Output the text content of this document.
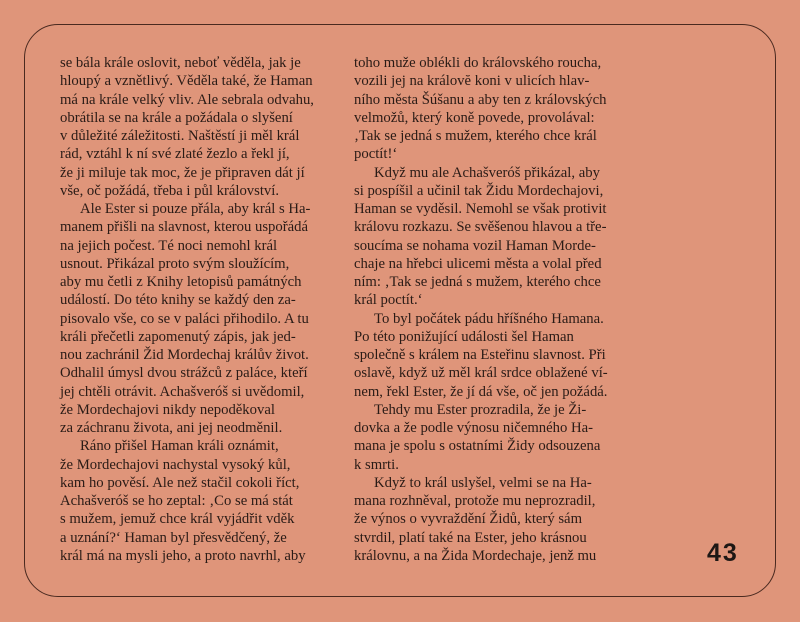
se bála krále oslovit, neboť věděla, jak je
hloupý a vznětlivý. Věděla také, že Haman
má na krále velký vliv. Ale sebrala odvahu,
obrátila se na krále a požádala o slyšení
v důležité záležitosti. Naštěstí ji měl král
rád, vztáhl k ní své zlaté žezlo a řekl jí,
že ji miluje tak moc, že je připraven dát jí
vše, oč požádá, třeba i půl království.
Ale Ester si pouze přála, aby král s Ha-
manem přišli na slavnost, kterou uspořádá
na jejich počest. Té noci nemohl král
usnout. Přikázal proto svým sloužícím,
aby mu četli z Knihy letopisů památných
událostí. Do této knihy se každý den za-
pisovalo vše, co se v paláci přihodilo. A tu
králi přečetli zapomenutý zápis, jak jed-
nou zachránil Žid Mordechaj králův život.
Odhalil úmysl dvou strážců z paláce, kteří
jej chtěli otrávit. Achašveróš si uvědomil,
že Mordechajovi nikdy nepoděkoval
za záchranu života, ani jej neodměnil.
Ráno přišel Haman králi oznámit,
že Mordechajovi nachystal vysoký kůl,
kam ho pověsí. Ale než stačil cokoli říct,
Achašveróš se ho zeptal: ‚Co se má stát
s mužem, jemuž chce král vyjádřit vděk
a uznání?‘ Haman byl přesvědčený, že
král má na mysli jeho, a proto navrhl, aby
toho muže oblékli do královského roucha,
vozili jej na královĕ koni v ulicích hlav-
ního města Šúšanu a aby ten z královských
velmožů, který koně povede, provolával:
‚Tak se jedná s mužem, kterého chce král
poctít!‘
Když mu ale Achašveróš přikázal, aby
si pospíšil a učinil tak Židu Mordechajovi,
Haman se vyděsil. Nemohl se však protivit
královu rozkazu. Se svěšenou hlavou a tře-
soucíma se nohama vozil Haman Morde-
chaje na hřebci ulicemi města a volal před
ním: ‚Tak se jedná s mužem, kterého chce
král poctít.‘
To byl počátek pádu hříšného Hamana.
Po této ponižující události šel Haman
společně s králem na Esteřinu slavnost. Při
oslavě, když už měl král srdce oblažené ví-
nem, řekl Ester, že jí dá vše, oč jen požádá.
Tehdy mu Ester prozradila, že je Ži-
dovka a že podle výnosu ničemného Ha-
mana je spolu s ostatními Židy odsouzena
k smrti.
Když to král uslyšel, velmi se na Ha-
mana rozhněval, protože mu neprozradil,
že výnos o vyvraždění Židů, který sám
stvrdil, platí také na Ester, jeho krásnou
královnu, a na Žida Mordechaje, jenž mu	43
